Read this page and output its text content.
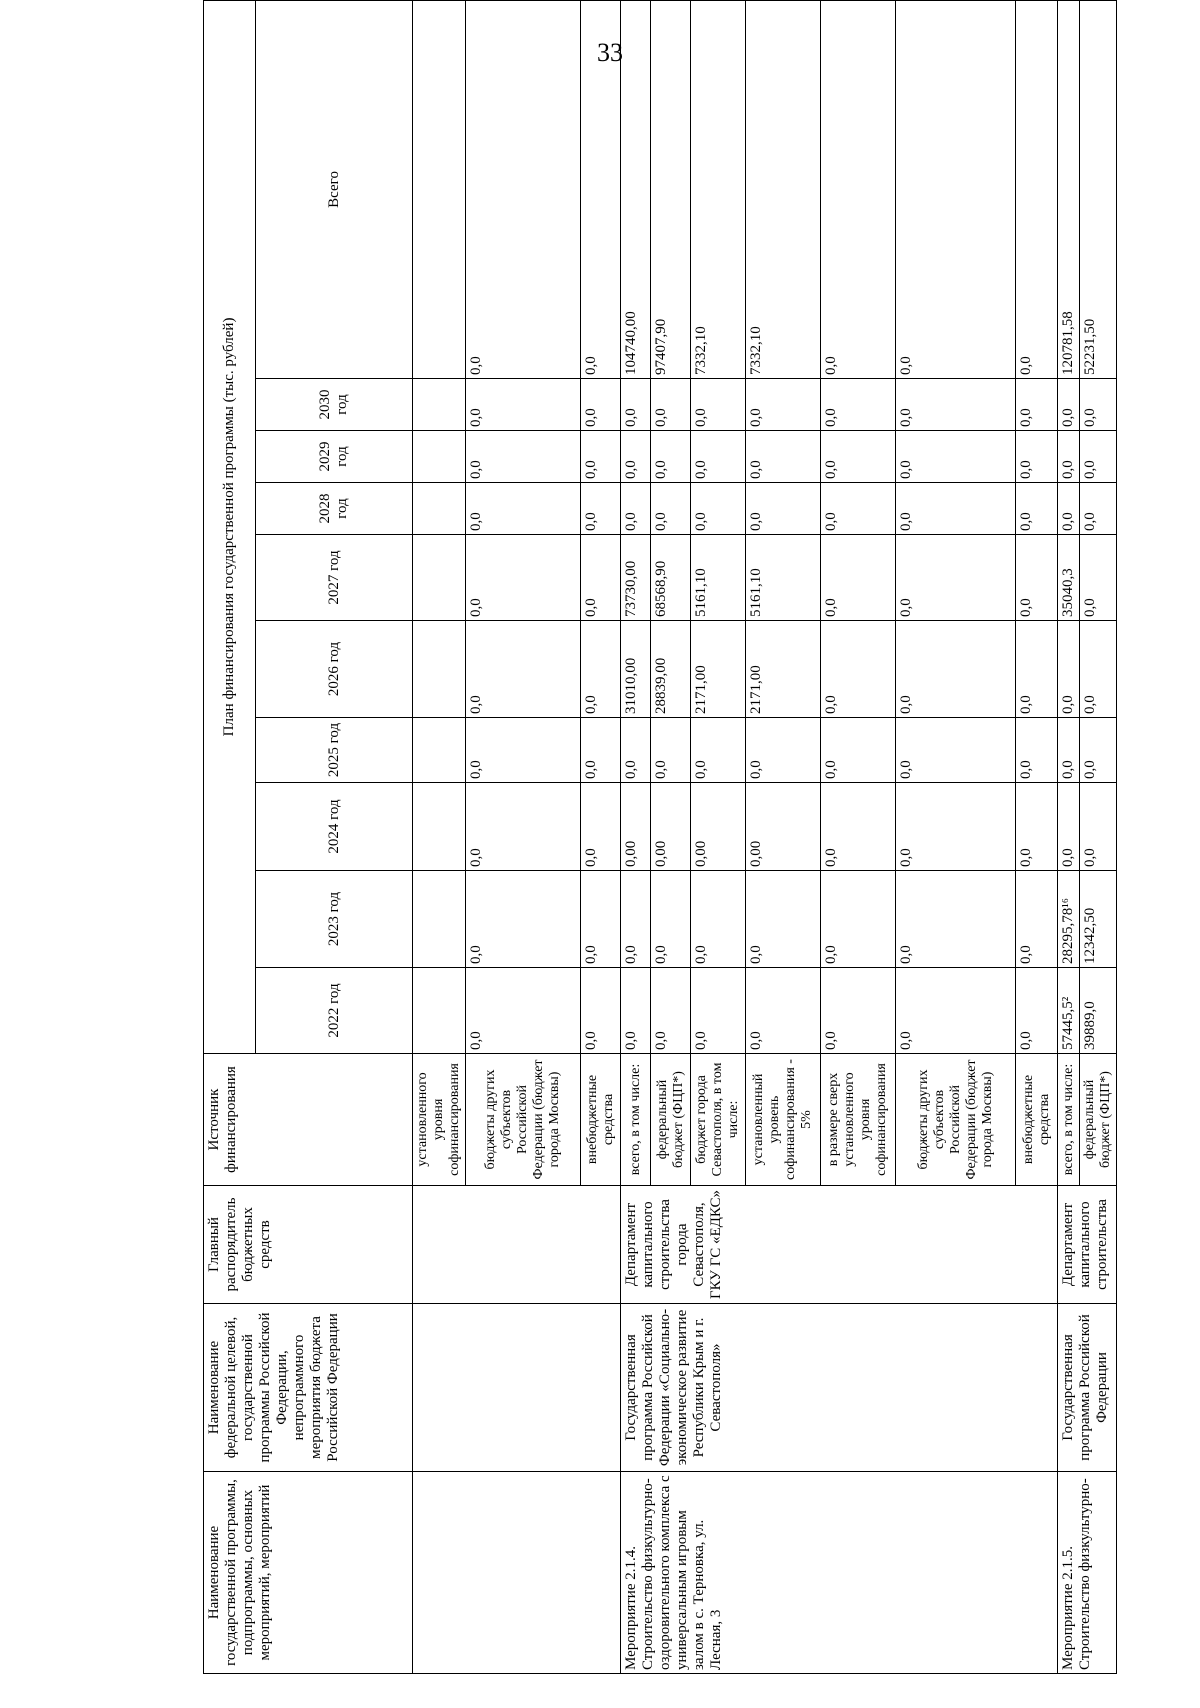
33
Наименование государственной программы, подпрограммы, основных мероприятий, мероприятий	Наименование федеральной целевой, государственной программы Российской Федерации, непрограммного мероприятия бюджета Российской Федерации	Главный распорядитель бюджетных средств	Источник финансирования	План финансирования государственной программы (тыс. рублей)									
				2022 год	2023 год	2024 год	2025 год	2026 год	2027 год	2028 год	2029 год	2030 год	Всего
			установленного уровня софинансирования										
			бюджеты других субъектов Российской Федерации (бюджет города Москвы)	0,0	0,0	0,0	0,0	0,0	0,0	0,0	0,0	0,0	0,0
			внебюджетные средства	0,0	0,0	0,0	0,0	0,0	0,0	0,0	0,0	0,0	0,0
Мероприятие 2.1.4. Строительство физкультурно-оздоровительного комплекса с универсальным игровым залом в с. Терновка, ул. Лесная, 3	Государственная программа Российской Федерации «Социально-экономическое развитие Республики Крым и г. Севастополя»	Департамент капитального строительства города Севастополя, ГКУ ГС «ЕДКС»	всего, в том числе:	0,0	0,0	0,00	0,0	31010,00	73730,00	0,0	0,0	0,0	104740,00
			федеральный бюджет (ФЦП*)	0,0	0,0	0,00	0,0	28839,00	68568,90	0,0	0,0	0,0	97407,90
			бюджет города Севастополя, в том числе:	0,0	0,0	0,00	0,0	2171,00	5161,10	0,0	0,0	0,0	7332,10
			установленный уровень софинансирования - 5%	0,0	0,0	0,00	0,0	2171,00	5161,10	0,0	0,0	0,0	7332,10
			в размере сверх установленного уровня софинансирования	0,0	0,0	0,0	0,0	0,0	0,0	0,0	0,0	0,0	0,0
			бюджеты других субъектов Российской Федерации (бюджет города Москвы)	0,0	0,0	0,0	0,0	0,0	0,0	0,0	0,0	0,0	0,0
			внебюджетные средства	0,0	0,0	0,0	0,0	0,0	0,0	0,0	0,0	0,0	0,0
Мероприятие 2.1.5. Строительство физкультурно-	Государственная программа Российской Федерации	Департамент капитального строительства	всего, в том числе:	57445,5²	28295,78¹⁶	0,0	0,0	0,0	35040,3	0,0	0,0	0,0	120781,58
			федеральный бюджет (ФЦП*)	39889,0	12342,50	0,0	0,0	0,0	0,0	0,0	0,0	0,0	52231,50
